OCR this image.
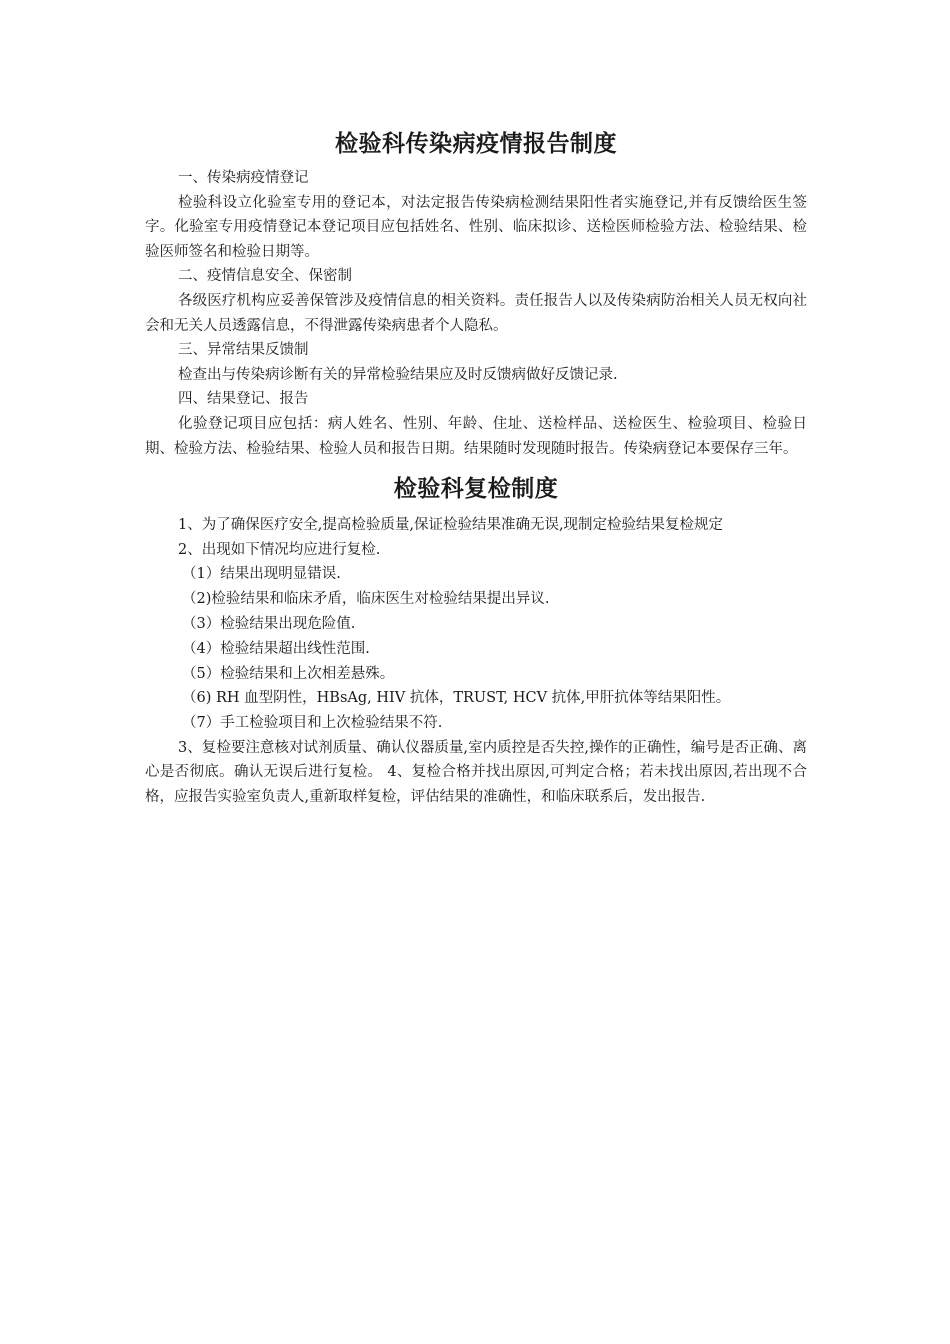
检验科传染病疫情报告制度

一、传染病疫情登记

检验科设立化验室专用的登记本，对法定报告传染病检测结果阳性者实施登记,并有反馈给医生签字。化验室专用疫情登记本登记项目应包括姓名、性别、临床拟诊、送检医师检验方法、检验结果、检验医师签名和检验日期等。

二、疫情信息安全、保密制

各级医疗机构应妥善保管涉及疫情信息的相关资料。责任报告人以及传染病防治相关人员无权向社会和无关人员透露信息，不得泄露传染病患者个人隐私。

三、异常结果反馈制

检查出与传染病诊断有关的异常检验结果应及时反馈病做好反馈记录.

四、结果登记、报告

化验登记项目应包括：病人姓名、性别、年龄、住址、送检样品、送检医生、检验项目、检验日期、检验方法、检验结果、检验人员和报告日期。结果随时发现随时报告。传染病登记本要保存三年。

检验科复检制度

1、为了确保医疗安全,提高检验质量,保证检验结果准确无误,现制定检验结果复检规定

2、出现如下情况均应进行复检.

（1）结果出现明显错误.

（2)检验结果和临床矛盾，临床医生对检验结果提出异议.

（3）检验结果出现危险值.

（4）检验结果超出线性范围.

（5）检验结果和上次相差悬殊。

（6) RH 血型阴性，HBsAg, HIV 抗体，TRUST, HCV 抗体,甲肝抗体等结果阳性。

（7）手工检验项目和上次检验结果不符.

3、复检要注意核对试剂质量、确认仪器质量,室内质控是否失控,操作的正确性，编号是否正确、离心是否彻底。确认无误后进行复检。 4、复检合格并找出原因,可判定合格；若未找出原因,若出现不合格，应报告实验室负责人,重新取样复检，评估结果的准确性，和临床联系后，发出报告.
